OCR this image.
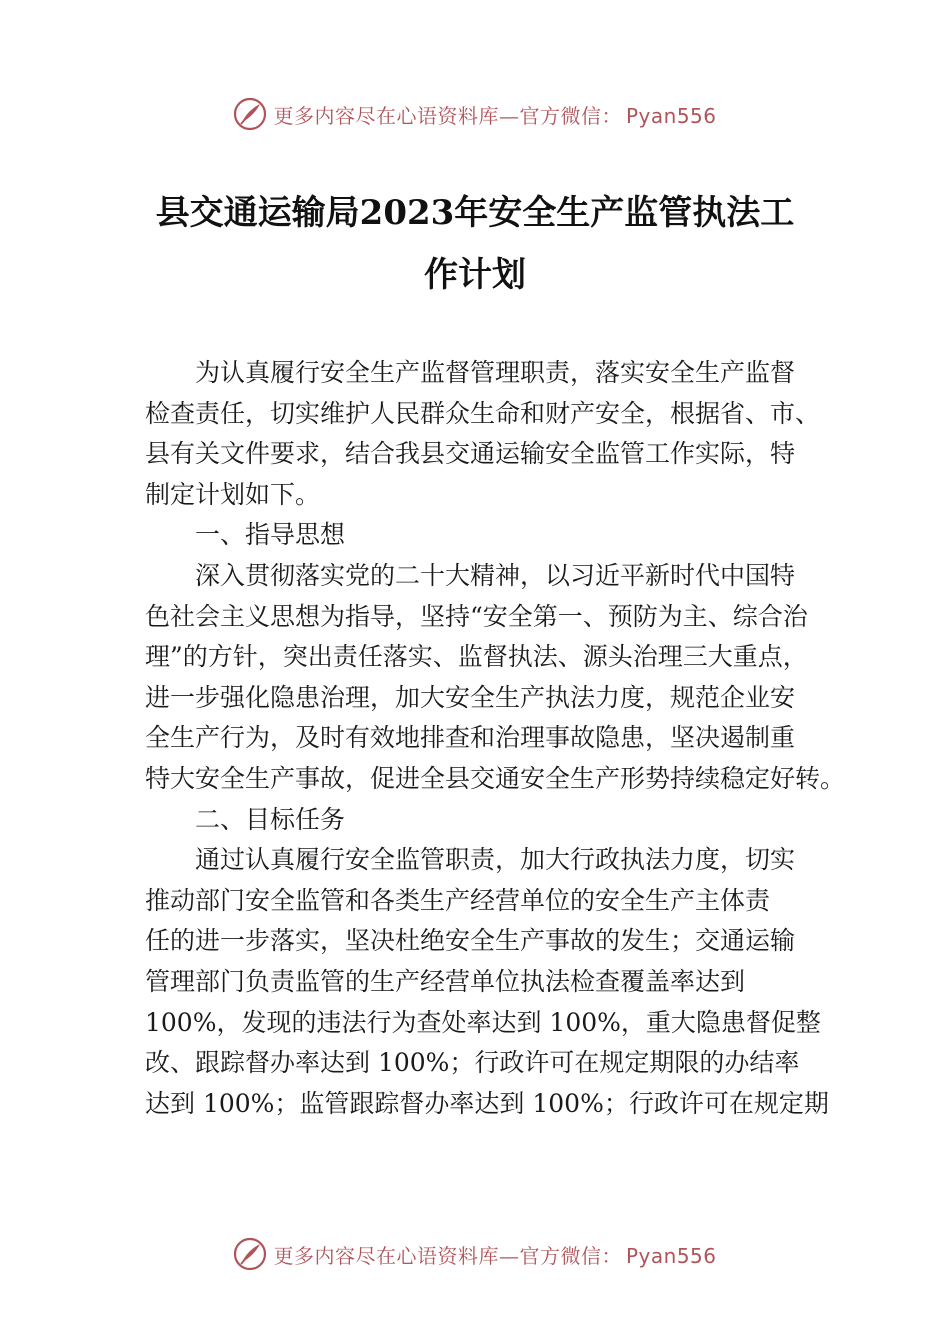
更多内容尽在心语资料库—官方微信： Pyan556
县交通运输局2023年安全生产监管执法工
作计划
为认真履行安全生产监督管理职责，落实安全生产监督
检查责任，切实维护人民群众生命和财产安全，根据省、市、
县有关文件要求，结合我县交通运输安全监管工作实际，特
制定计划如下。
一、指导思想
深入贯彻落实党的二十大精神，以习近平新时代中国特
色社会主义思想为指导，坚持“安全第一、预防为主、综合治
理”的方针，突出责任落实、监督执法、源头治理三大重点，
进一步强化隐患治理，加大安全生产执法力度，规范企业安
全生产行为，及时有效地排查和治理事故隐患，坚决遏制重
特大安全生产事故，促进全县交通安全生产形势持续稳定好转。
二、目标任务
通过认真履行安全监管职责，加大行政执法力度，切实
推动部门安全监管和各类生产经营单位的安全生产主体责
任的进一步落实，坚决杜绝安全生产事故的发生；交通运输
管理部门负责监管的生产经营单位执法检查覆盖率达到
100%，发现的违法行为查处率达到 100%，重大隐患督促整
改、跟踪督办率达到 100%；行政许可在规定期限的办结率
达到 100%；监管跟踪督办率达到 100%；行政许可在规定期
更多内容尽在心语资料库—官方微信： Pyan556
